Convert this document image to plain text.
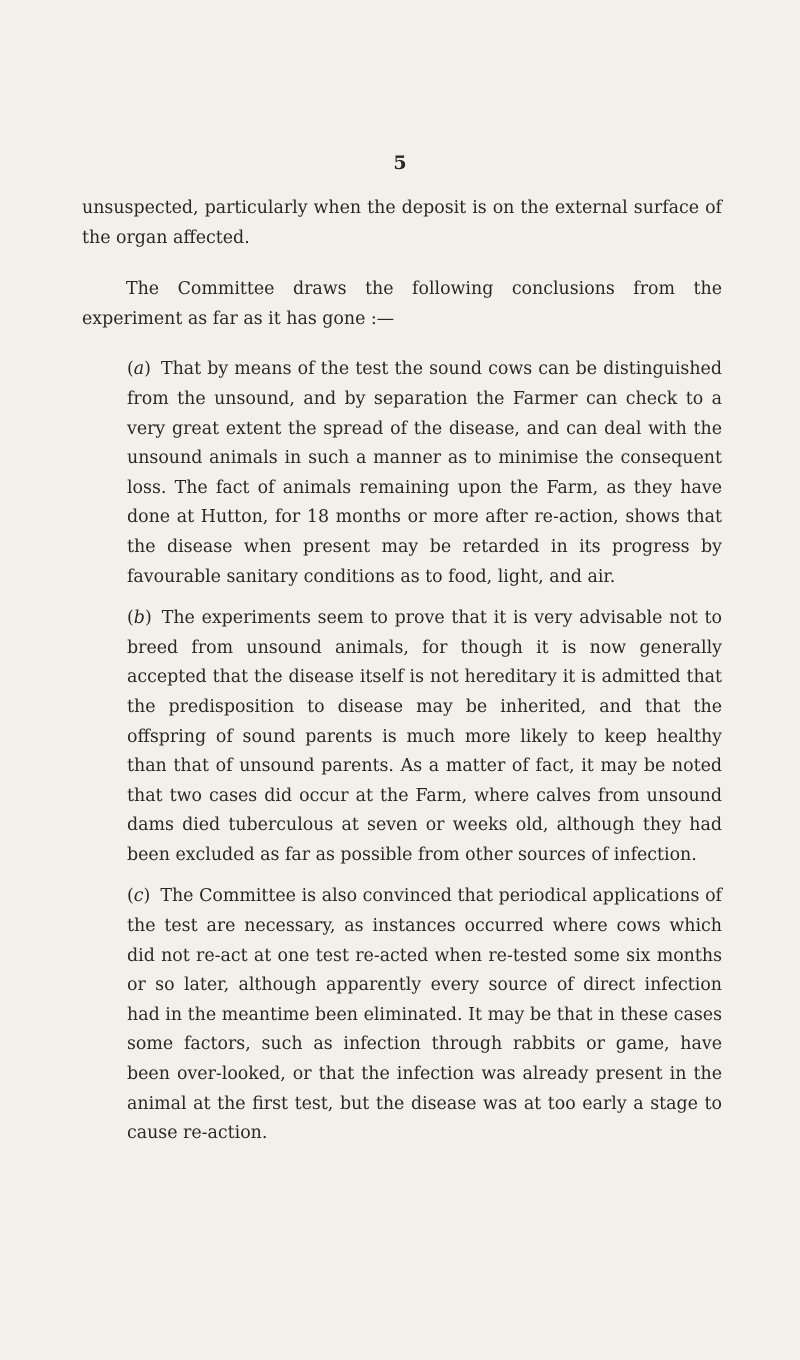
5

unsuspected, particularly when the deposit is on the external surface of the organ affected.

The Committee draws the following conclusions from the experiment as far as it has gone :—

(a) That by means of the test the sound cows can be distinguished from the unsound, and by separation the Farmer can check to a very great extent the spread of the disease, and can deal with the unsound animals in such a manner as to minimise the consequent loss. The fact of animals remaining upon the Farm, as they have done at Hutton, for 18 months or more after re-action, shows that the disease when present may be retarded in its progress by favourable sanitary conditions as to food, light, and air.

(b) The experiments seem to prove that it is very advisable not to breed from unsound animals, for though it is now generally accepted that the disease itself is not hereditary it is admitted that the predisposition to disease may be inherited, and that the offspring of sound parents is much more likely to keep healthy than that of unsound parents. As a matter of fact, it may be noted that two cases did occur at the Farm, where calves from unsound dams died tuberculous at seven or weeks old, although they had been excluded as far as possible from other sources of infection.

(c) The Committee is also convinced that periodical applications of the test are necessary, as instances occurred where cows which did not re-act at one test re-acted when re-tested some six months or so later, although apparently every source of direct infection had in the meantime been eliminated. It may be that in these cases some factors, such as infection through rabbits or game, have been over-looked, or that the infection was already present in the animal at the first test, but the disease was at too early a stage to cause re-action.
